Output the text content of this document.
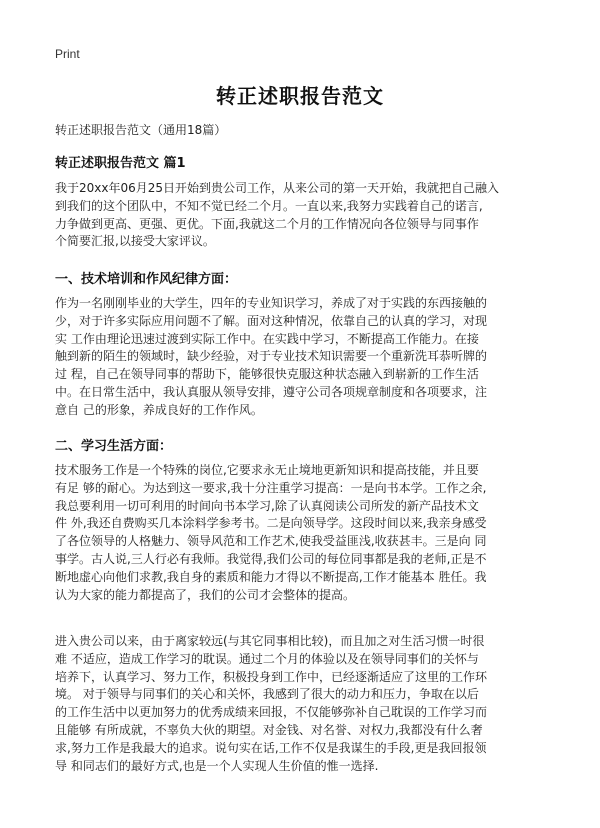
Print
转正述职报告范文
转正述职报告范文（通用18篇）
转正述职报告范文 篇1
我于20xx年06月25日开始到贵公司工作，从来公司的第一天开始，我就把自己融入
到我们的这个团队中，不知不觉已经二个月。一直以来,我努力实践着自己的诺言,
力争做到更高、更强、更优。下面,我就这二个月的工作情况向各位领导与同事作
个简要汇报,以接受大家评议。
一、技术培训和作风纪律方面：
作为一名刚刚毕业的大学生，四年的专业知识学习，养成了对于实践的东西接触的
少，对于许多实际应用问题不了解。面对这种情况，依靠自己的认真的学习，对现
实 工作由理论迅速过渡到实际工作中。在实践中学习，不断提高工作能力。在接
触到新的陌生的领域时，缺少经验，对于专业技术知识需要一个重新洗耳恭听牌的
过 程，自己在领导同事的帮助下，能够很快克服这种状态融入到崭新的工作生活
中。在日常生活中，我认真服从领导安排，遵守公司各项规章制度和各项要求，注
意自 己的形象，养成良好的工作作风。
二、学习生活方面：
技术服务工作是一个特殊的岗位,它要求永无止境地更新知识和提高技能，并且要
有足 够的耐心。为达到这一要求,我十分注重学习提高：一是向书本学。工作之余,
我总要利用一切可利用的时间向书本学习,除了认真阅读公司所发的新产品技术文
件 外,我还自费购买几本涂料学参考书。二是向领导学。这段时间以来,我亲身感受
了各位领导的人格魅力、领导风范和工作艺术,使我受益匪浅,收获甚丰。三是向 同
事学。古人说,三人行必有我师。我觉得,我们公司的每位同事都是我的老师,正是不
断地虚心向他们求教,我自身的素质和能力才得以不断提高,工作才能基本 胜任。我
认为大家的能力都提高了，我们的公司才会整体的提高。
进入贵公司以来，由于离家较远(与其它同事相比较)，而且加之对生活习惯一时很
难 不适应，造成工作学习的耽误。通过二个月的体验以及在领导同事们的关怀与
培养下，认真学习、努力工作，积极投身到工作中，已经逐渐适应了这里的工作环
境。 对于领导与同事们的关心和关怀，我感到了很大的动力和压力，争取在以后
的工作生活中以更加努力的优秀成绩来回报，不仅能够弥补自己耽误的工作学习而
且能够 有所成就，不辜负大伙的期望。对金钱、对名誉、对权力,我都没有什么奢
求,努力工作是我最大的追求。说句实在话,工作不仅是我谋生的手段,更是我回报领
导 和同志们的最好方式,也是一个人实现人生价值的惟一选择.
